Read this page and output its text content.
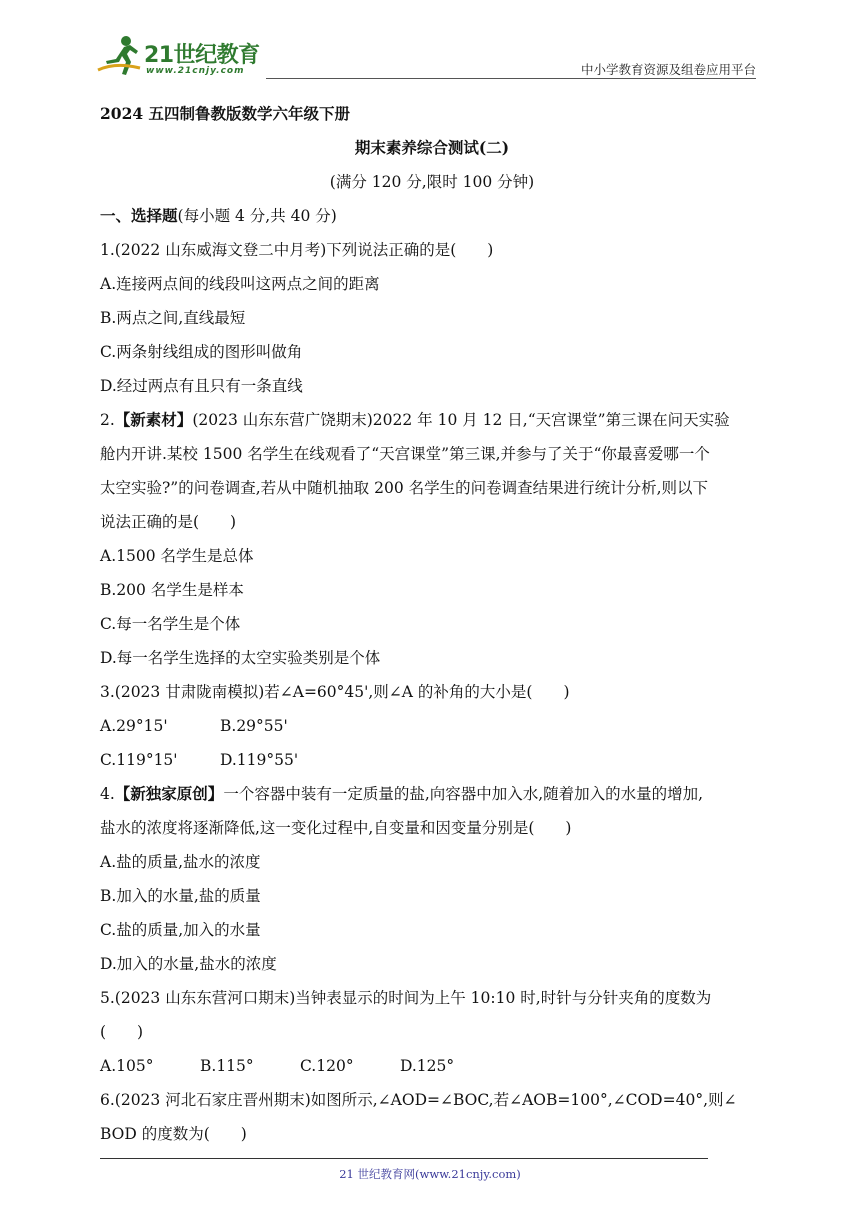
21世纪教育
www.21cnjy.com	中小学教育资源及组卷应用平台
2024 五四制鲁教版数学六年级下册
期末素养综合测试(二)
(满分 120 分,限时 100 分钟)
一、选择题(每小题 4 分,共 40 分)
1.(2022 山东威海文登二中月考)下列说法正确的是(　　)
A.连接两点间的线段叫这两点之间的距离
B.两点之间,直线最短
C.两条射线组成的图形叫做角
D.经过两点有且只有一条直线
2.【新素材】(2023 山东东营广饶期末)2022 年 10 月 12 日,“天宫课堂”第三课在问天实验
舱内开讲.某校 1500 名学生在线观看了“天宫课堂”第三课,并参与了关于“你最喜爱哪一个
太空实验?”的问卷调查,若从中随机抽取 200 名学生的问卷调查结果进行统计分析,则以下
说法正确的是(　　)
A.1500 名学生是总体
B.200 名学生是样本
C.每一名学生是个体
D.每一名学生选择的太空实验类别是个体
3.(2023 甘肃陇南模拟)若∠A=60°45',则∠A 的补角的大小是(　　)
A.29°15'	B.29°55'
C.119°15'	D.119°55'
4.【新独家原创】一个容器中装有一定质量的盐,向容器中加入水,随着加入的水量的增加,
盐水的浓度将逐渐降低,这一变化过程中,自变量和因变量分别是(　　)
A.盐的质量,盐水的浓度
B.加入的水量,盐的质量
C.盐的质量,加入的水量
D.加入的水量,盐水的浓度
5.(2023 山东东营河口期末)当钟表显示的时间为上午 10:10 时,时针与分针夹角的度数为
(　　)
A.105°	B.115°	C.120°	D.125°
6.(2023 河北石家庄晋州期末)如图所示,∠AOD=∠BOC,若∠AOB=100°,∠COD=40°,则∠
BOD 的度数为(　　)
21 世纪教育网(www.21cnjy.com)
